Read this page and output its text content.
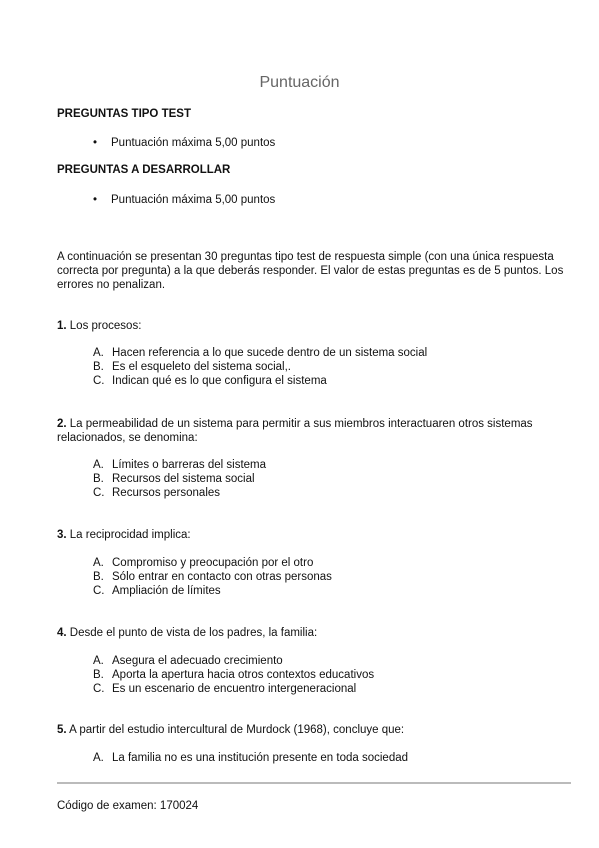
Puntuación
PREGUNTAS TIPO TEST
• Puntuación máxima 5,00 puntos
PREGUNTAS A DESARROLLAR
• Puntuación máxima 5,00 puntos
A continuación se presentan 30 preguntas tipo test de respuesta simple (con una única respuesta correcta por pregunta) a la que deberás responder. El valor de estas preguntas es de 5 puntos. Los errores no penalizan.
1. Los procesos:
A. Hacen referencia a lo que sucede dentro de un sistema social
B. Es el esqueleto del sistema social,.
C. Indican qué es lo que configura el sistema
2. La permeabilidad de un sistema para permitir a sus miembros interactuaren otros sistemas relacionados, se denomina:
A. Límites o barreras del sistema
B. Recursos del sistema social
C. Recursos personales
3. La reciprocidad implica:
A. Compromiso y preocupación por el otro
B. Sólo entrar en contacto con otras personas
C. Ampliación de límites
4. Desde el punto de vista de los padres, la familia:
A. Asegura el adecuado crecimiento
B. Aporta la apertura hacia otros contextos educativos
C. Es un escenario de encuentro intergeneracional
5. A partir del estudio intercultural de Murdock (1968), concluye que:
A. La familia no es una institución presente en toda sociedad
Código de examen: 170024
